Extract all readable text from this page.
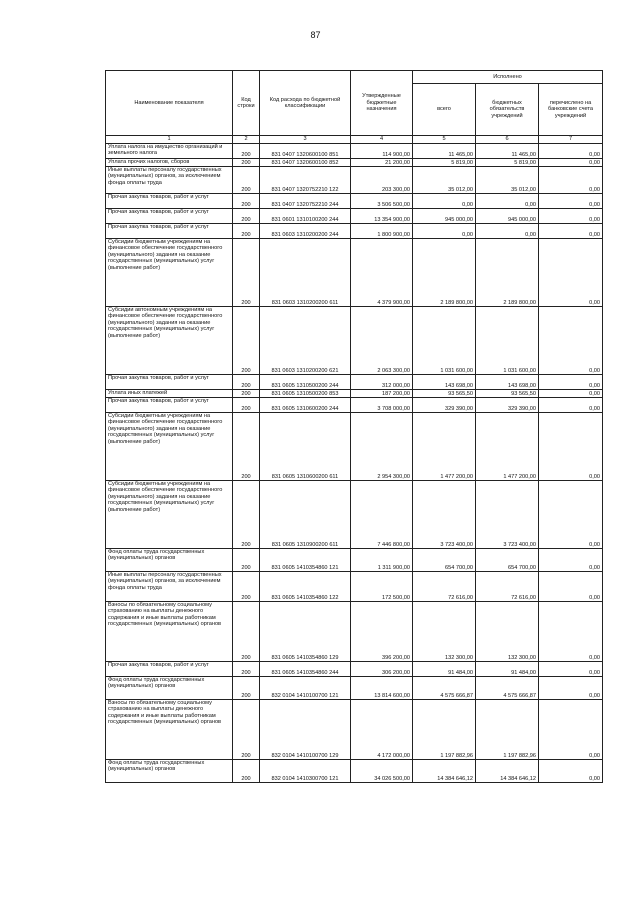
87
Наименование показателя	Код строки	Код расхода по бюджетной классификации	Утвержденные бюджетные назначения	Исполнено		
				всего	бюджетных обязательств учреждений	перечислено на банковские счета учреждений
1	2	3	4	5	6	7
Уплата налога на имущество организаций и земельного налога	200	831 0407 1320600100 851	114 900,00	11 465,00	11 465,00	0,00
Уплата прочих налогов, сборов	200	831 0407 1320600100 852	21 200,00	5 819,00	5 819,00	0,00
Иные выплаты персоналу государственных (муниципальных) органов, за исключением фонда оплаты труда	200	831 0407 1320752210 122	203 300,00	35 012,00	35 012,00	0,00
Прочая закупка товаров, работ и услуг	200	831 0407 1320752210 244	3 506 500,00	0,00	0,00	0,00
Прочая закупка товаров, работ и услуг	200	831 0601 1310100200 244	13 354 900,00	945 000,00	945 000,00	0,00
Прочая закупка товаров, работ и услуг	200	831 0603 1310200200 244	1 800 900,00	0,00	0,00	0,00
Субсидии бюджетным учреждениям на финансовое обеспечение государственного (муниципального) задания на оказание государственных (муниципальных) услуг (выполнение работ)	200	831 0603 1310200200 611	4 379 900,00	2 189 800,00	2 189 800,00	0,00
Субсидии автономным учреждениям на финансовое обеспечение государственного (муниципального) задания на оказание государственных (муниципальных) услуг (выполнение работ)	200	831 0603 1310200200 621	2 063 300,00	1 031 600,00	1 031 600,00	0,00
Прочая закупка товаров, работ и услуг	200	831 0605 1310500200 244	312 000,00	143 698,00	143 698,00	0,00
Уплата иных платежей	200	831 0605 1310500200 853	187 200,00	93 565,50	93 565,50	0,00
Прочая закупка товаров, работ и услуг	200	831 0605 1310600200 244	3 708 000,00	329 390,00	329 390,00	0,00
Субсидии бюджетным учреждениям на финансовое обеспечение государственного (муниципального) задания на оказание государственных (муниципальных) услуг (выполнение работ)	200	831 0605 1310600200 611	2 954 300,00	1 477 200,00	1 477 200,00	0,00
Субсидии бюджетным учреждениям на финансовое обеспечение государственного (муниципального) задания на оказание государственных (муниципальных) услуг (выполнение работ)	200	831 0605 1310900200 611	7 446 800,00	3 723 400,00	3 723 400,00	0,00
Фонд оплаты труда государственных (муниципальных) органов	200	831 0605 1410354860 121	1 311 900,00	654 700,00	654 700,00	0,00
Иные выплаты персоналу государственных (муниципальных) органов, за исключением фонда оплаты труда	200	831 0605 1410354860 122	172 500,00	72 616,00	72 616,00	0,00
Взносы по обязательному социальному страхованию на выплаты денежного содержания и иные выплаты работникам государственных (муниципальных) органов	200	831 0605 1410354860 129	396 200,00	132 300,00	132 300,00	0,00
Прочая закупка товаров, работ и услуг	200	831 0605 1410354860 244	306 200,00	91 484,00	91 484,00	0,00
Фонд оплаты труда государственных (муниципальных) органов	200	832 0104 1410100700 121	13 814 600,00	4 575 666,87	4 575 666,87	0,00
Взносы по обязательному социальному страхованию на выплаты денежного содержания и иные выплаты работникам государственных (муниципальных) органов	200	832 0104 1410100700 129	4 172 000,00	1 197 882,96	1 197 882,96	0,00
Фонд оплаты труда государственных (муниципальных) органов	200	832 0104 1410300700 121	34 026 500,00	14 384 646,12	14 384 646,12	0,00
